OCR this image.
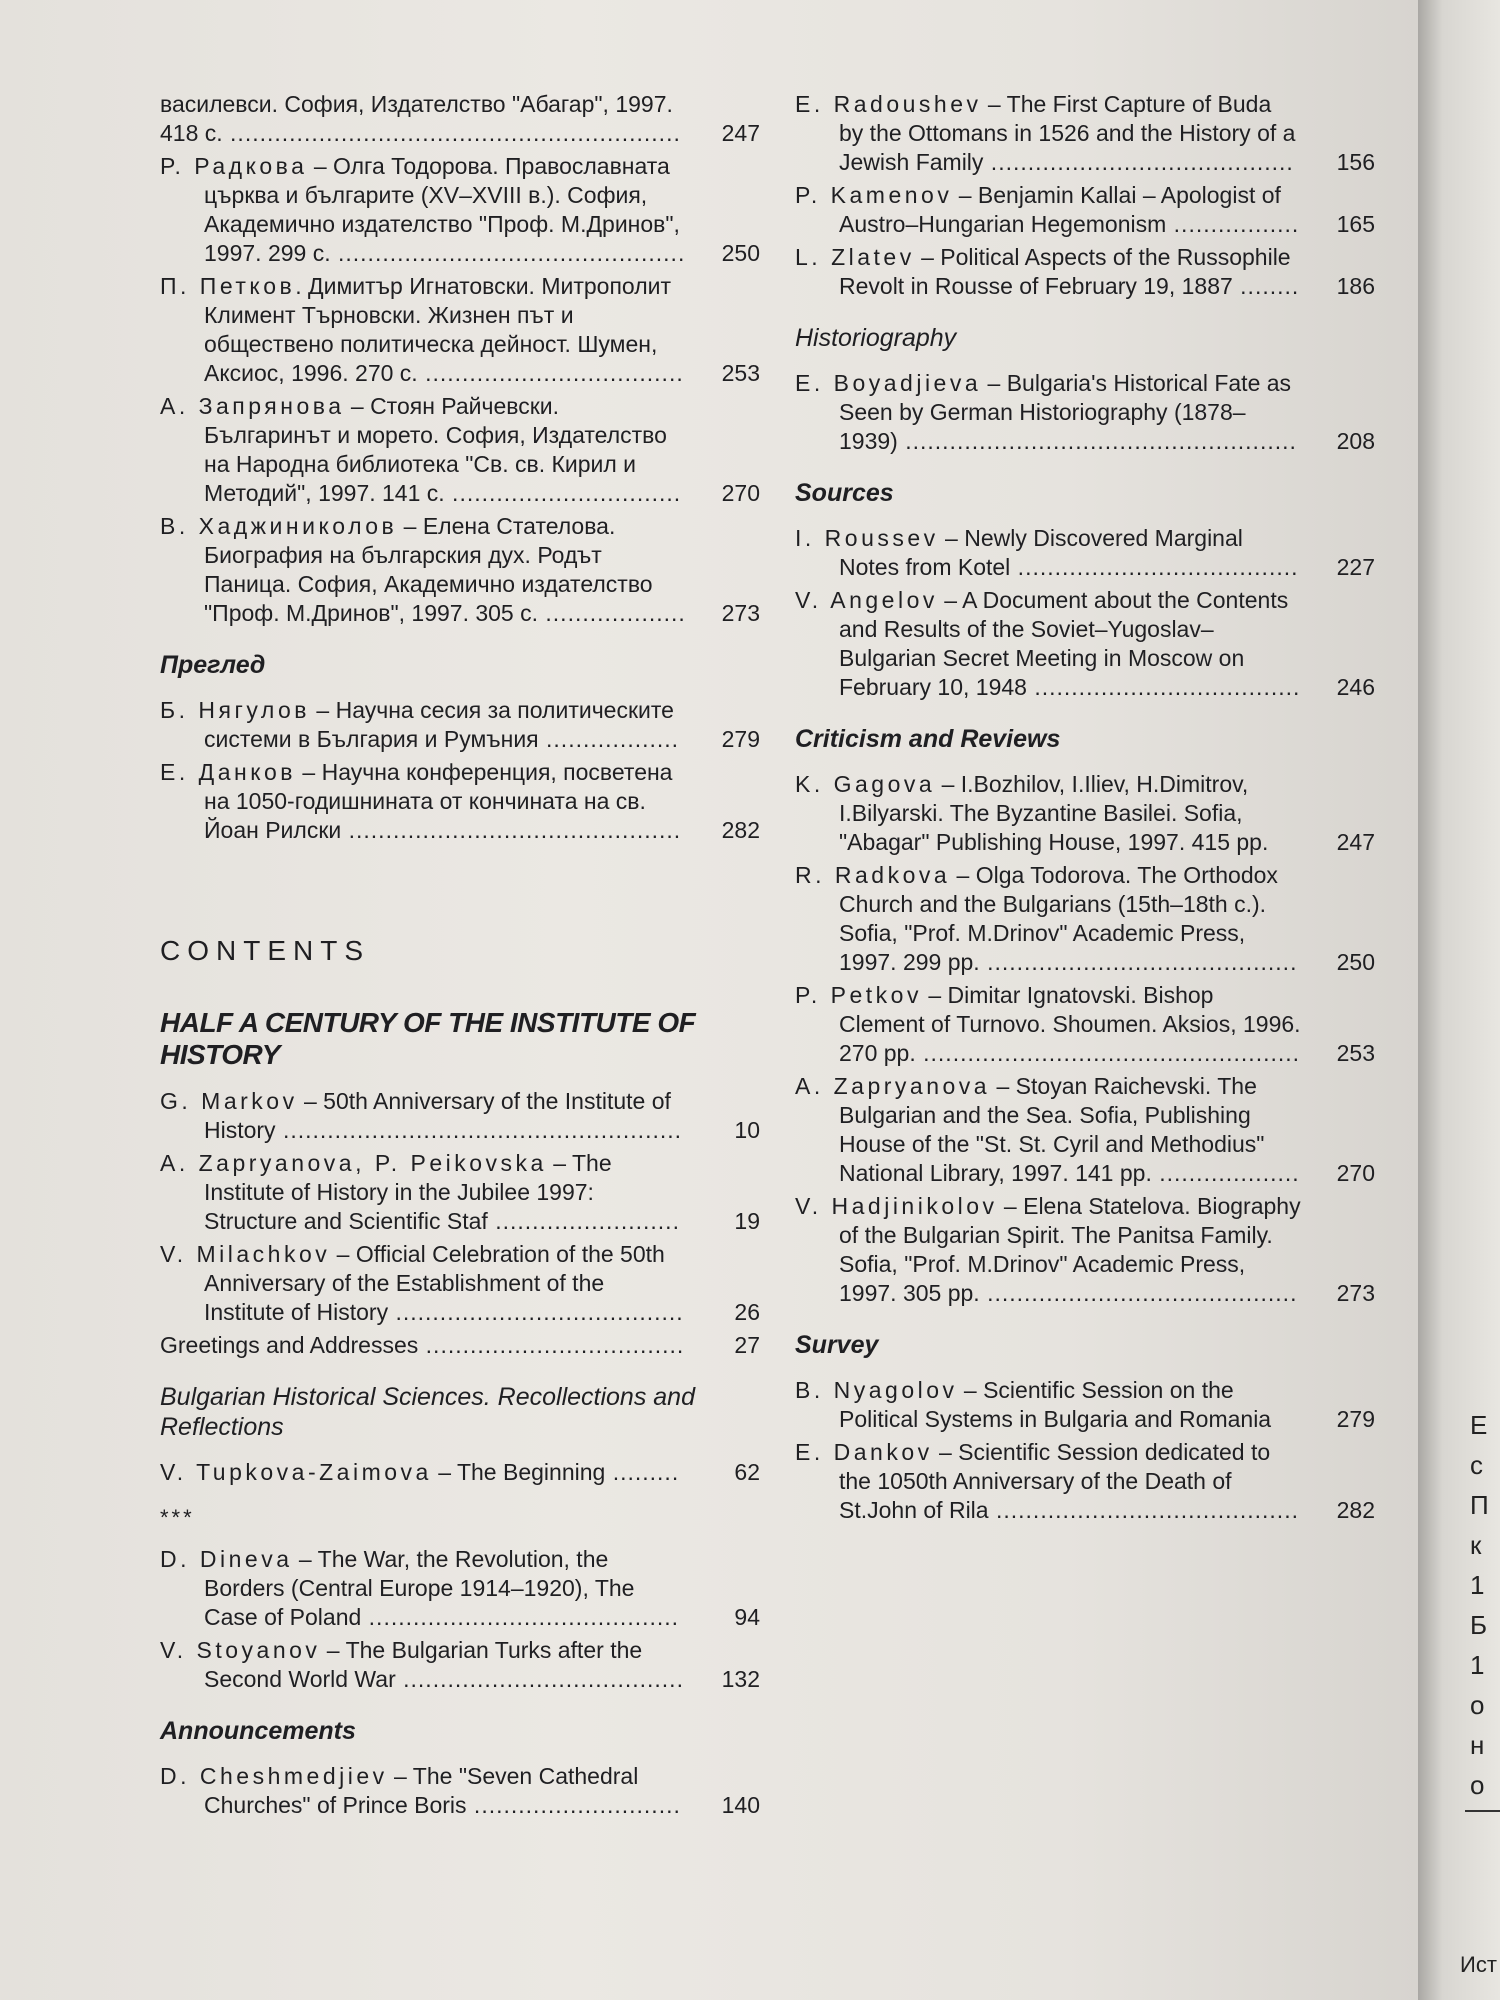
василевси. София, Издателство "Абагар", 1997. 418 с. .............................................................	247
Р. Радкова – Олга Тодорова. Православната църква и българите (XV–XVIII в.). София, Академично издателство "Проф. М.Дринов", 1997. 299 с. ...............................................	250
П. Петков. Димитър Игнатовски. Митрополит Климент Търновски. Жизнен път и обществено политическа дейност. Шумен, Аксиос, 1996. 270 с. ...................................	253
А. Запрянова – Стоян Райчевски. Българинът и морето. София, Издателство на Народна библиотека "Св. св. Кирил и Методий", 1997. 141 с. ...............................	270
В. Хаджиниколов – Елена Стателова. Биография на българския дух. Родът Паница. София, Академично издателство "Проф. М.Дринов", 1997. 305 с. ...................	273
Преглед
Б. Нягулов – Научна сесия за политическите системи в България и Румъния ..................	279
Е. Данков – Научна конференция, посветена на 1050-годишнината от кончината на св. Йоан Рилски .............................................	282
CONTENTS
HALF A CENTURY OF THE INSTITUTE OF HISTORY
G. Markov – 50th Anniversary of the Institute of History ......................................................	10
A. Zapryanova, P. Peikovska – The Institute of History in the Jubilee 1997: Structure and Scientific Staf .........................	19
V. Milachkov – Official Celebration of the 50th Anniversary of the Establishment of the Institute of History .......................................	26
Greetings and Addresses ...................................	27
Bulgarian Historical Sciences. Recollections and Reflections
V. Tupkova-Zaimova – The Beginning .........	62
***
D. Dineva – The War, the Revolution, the Borders (Central Europe 1914–1920), The Case of Poland ..........................................	94
V. Stoyanov – The Bulgarian Turks after the Second World War ......................................	132
Announcements
D. Cheshmedjiev – The "Seven Cathedral Churches" of Prince Boris ............................	140
E. Radoushev – The First Capture of Buda by the Ottomans in 1526 and the History of a Jewish Family .........................................	156
P. Kamenov – Benjamin Kallai – Apologist of Austro–Hungarian Hegemonism .................	165
L. Zlatev – Political Aspects of the Russophile Revolt in Rousse of February 19, 1887 ........	186
Historiography
E. Boyadjieva – Bulgaria's Historical Fate as Seen by German Historiography (1878–1939) .....................................................	208
Sources
I. Roussev – Newly Discovered Marginal Notes from Kotel ......................................	227
V. Angelov – A Document about the Contents and Results of the Soviet–Yugoslav–Bulgarian Secret Meeting in Moscow on February 10, 1948 ....................................	246
Criticism and Reviews
K. Gagova – I.Bozhilov, I.Iliev, H.Dimitrov, I.Bilyarski. The Byzantine Basilei. Sofia, "Abagar" Publishing House, 1997. 415 pp.	247
R. Radkova – Olga Todorova. The Orthodox Church and the Bulgarians (15th–18th c.). Sofia, "Prof. M.Drinov" Academic Press, 1997. 299 pp. ..........................................	250
P. Petkov – Dimitar Ignatovski. Bishop Clement of Turnovo. Shoumen. Aksios, 1996. 270 pp. ...................................................	253
A. Zapryanova – Stoyan Raichevski. The Bulgarian and the Sea. Sofia, Publishing House of the "St. St. Cyril and Methodius" National Library, 1997. 141 pp. ...................	270
V. Hadjinikolov – Elena Statelova. Biography of the Bulgarian Spirit. The Panitsa Family. Sofia, "Prof. M.Drinov" Academic Press, 1997. 305 pp. ..........................................	273
Survey
B. Nyagolov – Scientific Session on the Political Systems in Bulgaria and Romania	279
E. Dankov – Scientific Session dedicated to the 1050th Anniversary of the Death of St.John of Rila .........................................	282
Е
с
П
к
1
Б
1
о
н
о
Ист
